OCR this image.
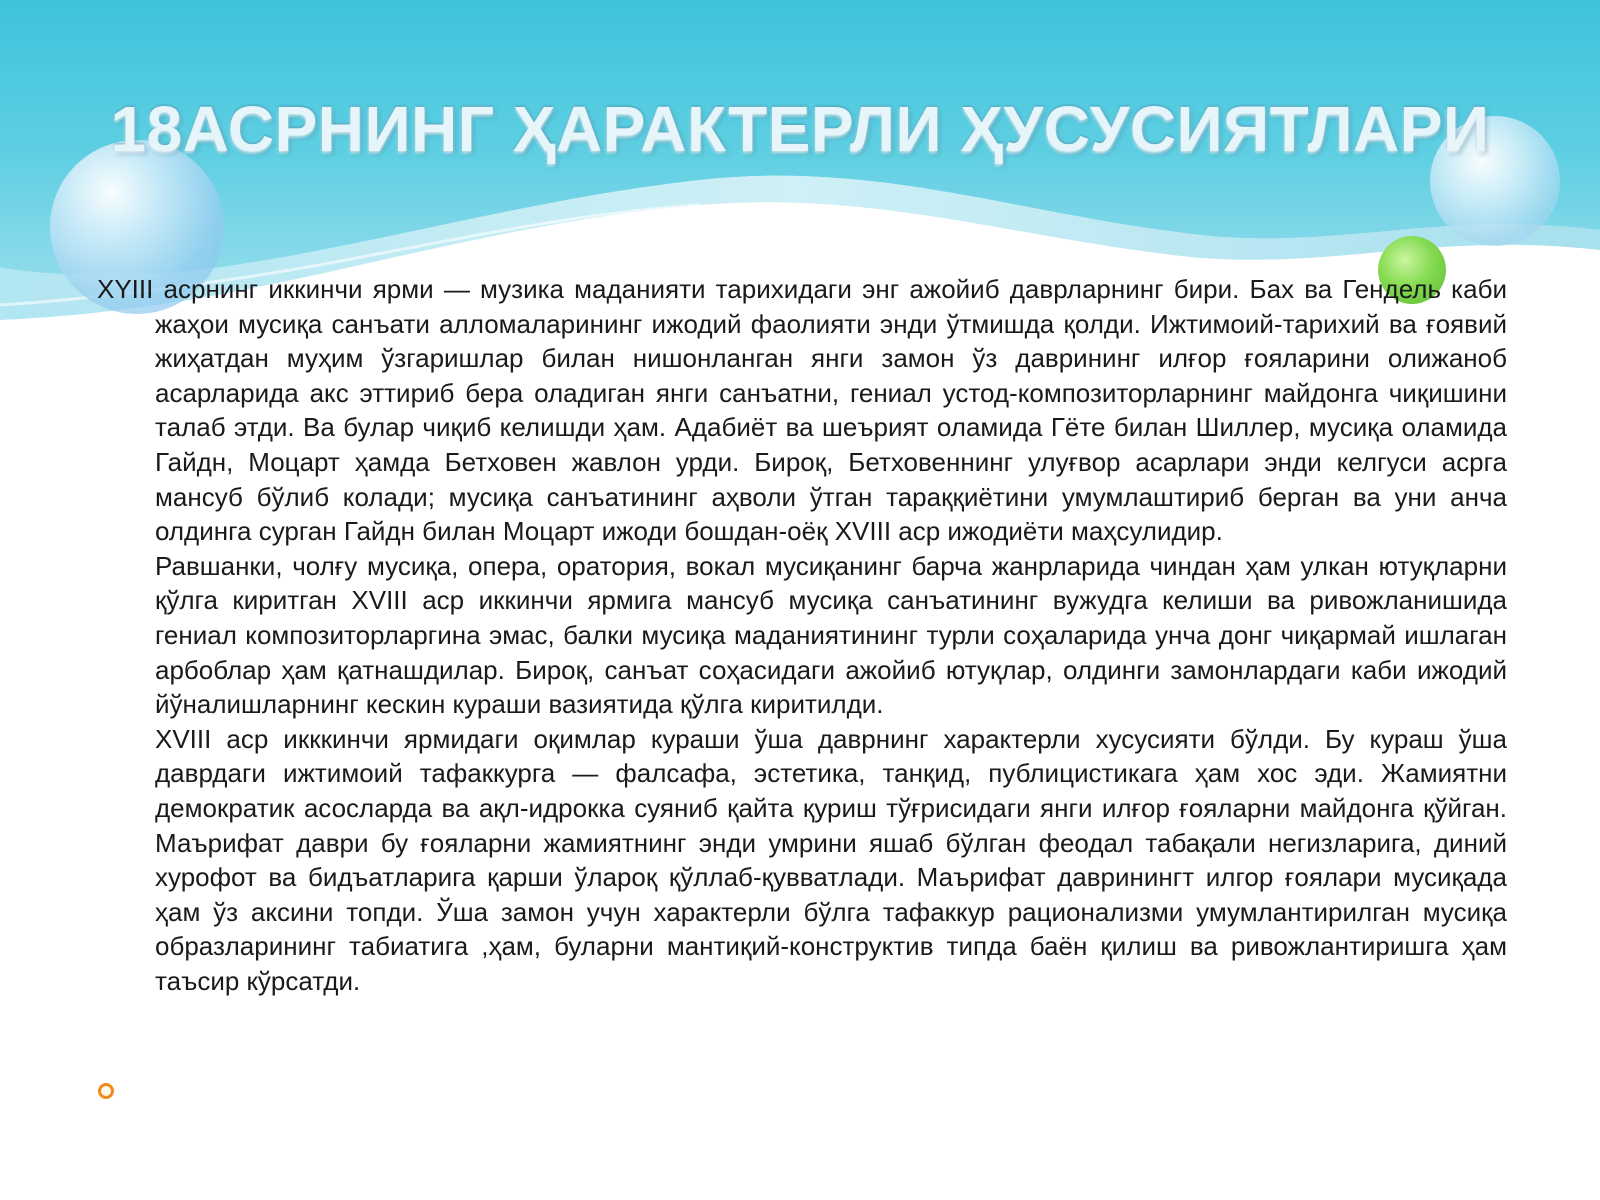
18АСРНИНГ ҲАРАКТЕРЛИ ҲУСУСИЯТЛАРИ

XYIII асрнинг иккинчи ярми — музика маданияти тарихидаги энг ажойиб даврларнинг бири. Бах ва Гендель каби жаҳои мусиқа санъати алломаларининг ижодий фаолияти энди ўтмишда қолди. Ижтимоий-тарихий ва ғоявий жиҳатдан муҳим ўзгаришлар билан нишонланган янги замон ўз даврининг илғор ғояларини олижаноб асарларида акс эттириб бера оладиган янги санъатни, гениал устод-композиторларнинг майдонга чиқишини талаб этди. Ва булар чиқиб келишди ҳам. Адабиёт ва шеърият оламида Гёте билан Шиллер, мусиқа оламида Гайдн, Моцарт ҳамда Бетховен жавлон урди. Бироқ, Бетховеннинг улуғвор асарлари энди келгуси асрга мансуб бўлиб колади; мусиқа санъатининг аҳволи ўтган тараққиётини умумлаштириб берган ва уни анча олдинга сурган Гайдн билан Моцарт ижоди бошдан-оёқ XVIII аср ижодиёти маҳсулидир.

Равшанки, чолғу мусиқа, опера, оратория, вокал мусиқанинг барча жанрларида чиндан ҳам улкан ютуқларни қўлга киритган XVIII аср иккинчи ярмига мансуб мусиқа санъатининг вужудга келиши ва ривожланишида гениал композиторларгина эмас, балки мусиқа маданиятининг турли соҳаларида унча донг чиқармай ишлаган арбоблар ҳам қатнашдилар. Бироқ, санъат соҳасидаги ажойиб ютуқлар, олдинги замонлардаги каби ижодий йўналишларнинг кескин кураши вазиятида қўлга киритилди.

XVIII аср икккинчи ярмидаги оқимлар кураши ўша даврнинг характерли хусусияти бўлди. Бу кураш ўша даврдаги ижтимоий тафаккурга — фалсафа, эстетика, танқид, публицистикага ҳам хос эди. Жамиятни демократик асосларда ва ақл-идрокка суяниб қайта қуриш тўғрисидаги янги илғор ғояларни майдонга қўйган. Маърифат даври бу ғояларни жамиятнинг энди умрини яшаб бўлган феодал табақали негизларига, диний хурофот ва бидъатларига қарши ўлароқ қўллаб-қувватлади. Маърифат давринингт илгор ғоялари мусиқада ҳам ўз аксини топди. Ўша замон учун характерли бўлга тафаккур рационализми умумлантирилган мусиқа образларининг табиатига ,ҳам, буларни мантиқий-конструктив типда баён қилиш ва ривожлантиришга ҳам таъсир кўрсатди.
